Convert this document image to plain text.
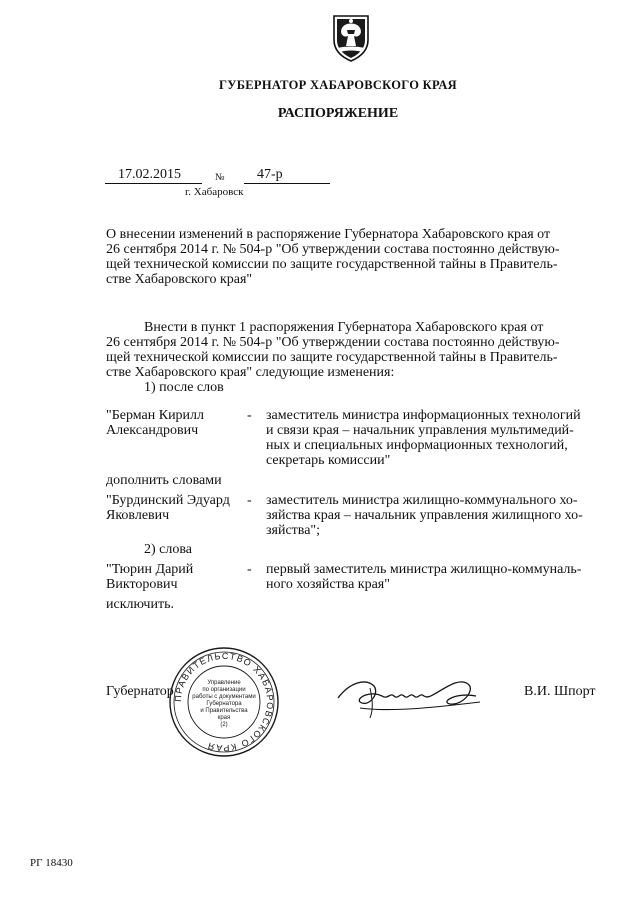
ГУБЕРНАТОР ХАБАРОВСКОГО КРАЯ
РАСПОРЯЖЕНИЕ
17.02.2015	№ 47-р
г. Хабаровск
О внесении изменений в распоряжение Губернатора Хабаровского края от
26 сентября 2014 г. № 504-р "Об утверждении состава постоянно действую-
щей технической комиссии по защите государственной тайны в Правитель-
стве Хабаровского края"
Внести в пункт 1 распоряжения Губернатора Хабаровского края от
26 сентября 2014 г. № 504-р "Об утверждении состава постоянно действую-
щей технической комиссии по защите государственной тайны в Правитель-
стве Хабаровского края" следующие изменения:
1) после слов
"Берман Кирилл
Александрович
- заместитель министра информационных технологий
и связи края – начальник управления мультимедий-
ных и специальных информационных технологий,
секретарь комиссии"
дополнить словами
"Бурдинский Эдуард
Яковлевич
- заместитель министра жилищно-коммунального хо-
зяйства края – начальник управления жилищного хо-
зяйства";
2) слова
"Тюрин Дарий
Викторович
- первый заместитель министра жилищно-коммуналь-
ного хозяйства края"
исключить.
Губернатор	В.И. Шпорт
ПРАВИТЕЛЬСТВО ХАБАРОВСКОГО КРАЯ
Управление
по организации
работы с документами
Губернатора
и Правительства
края
(2)
РГ 18430
